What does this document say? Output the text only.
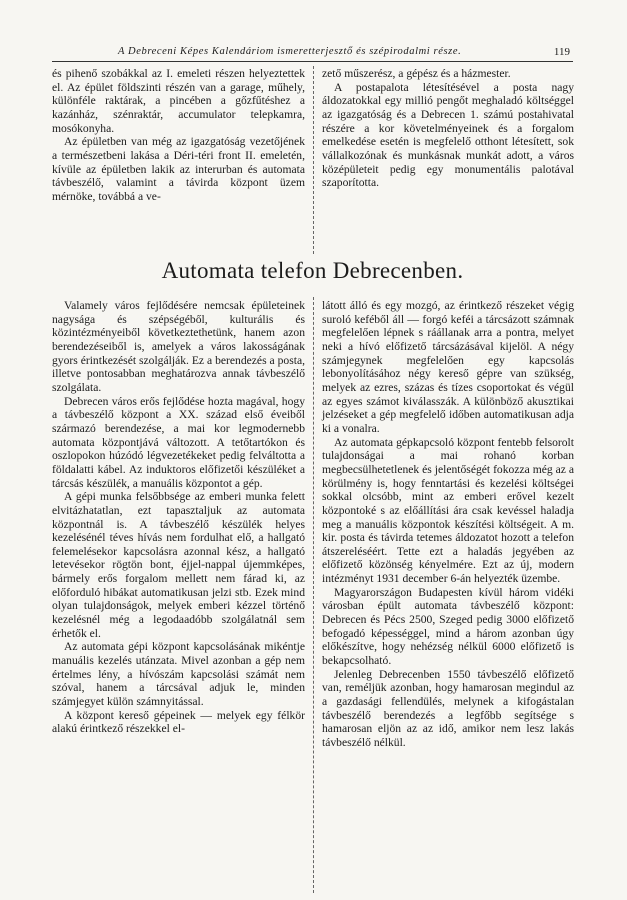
A Debreceni Képes Kalendáriom ismeretterjesztő és szépirodalmi része.	119

és pihenő szobákkal az I. emeleti részen helyeztettek el. Az épület földszinti részén van a garage, műhely, különféle raktárak, a pincében a gőzfűtéshez a kazánház, szénraktár, accumulator telepkamra, mosókonyha.

Az épületben van még az igazgatóság vezetőjének a természetbeni lakása a Déri-téri front II. emeletén, kívüle az épületben lakik az interurban és automata távbeszélő, valamint a távirda központ üzem mérnöke, továbbá a ve-

zető műszerész, a gépész és a házmester.

A postapalota létesítésével a posta nagy áldozatokkal egy millió pengőt meghaladó költséggel az igazgatóság és a Debrecen 1. számú postahivatal részére a kor követelményeinek és a forgalom emelkedése esetén is megfelelő otthont létesített, sok vállalkozónak és munkásnak munkát adott, a város középületeit pedig egy monumentális palotával szaporította.

Automata telefon Debrecenben.

Valamely város fejlődésére nemcsak épületeinek nagysága és szépségéből, kulturális és közintézményeiből következtethetünk, hanem azon berendezéseiből is, amelyek a város lakosságának gyors érintkezését szolgálják. Ez a berendezés a posta, illetve pontosabban meghatározva annak távbeszélő szolgálata.

Debrecen város erős fejlődése hozta magával, hogy a távbeszélő központ a XX. század első éveiből származó berendezése, a mai kor legmodernebb automata központjává változott. A tetőtartókon és oszlopokon húzódó légvezetékeket pedig felváltotta a földalatti kábel. Az induktoros előfizetői készüléket a tárcsás készülék, a manuális központot a gép.

A gépi munka felsőbbsége az emberi munka felett elvitázhatatlan, ezt tapasztaljuk az automata központnál is. A távbeszélő készülék helyes kezelésénél téves hívás nem fordulhat elő, a hallgató felemelésekor kapcsolásra azonnal kész, a hallgató letevésekor rögtön bont, éjjel-nappal újemmképes, bármely erős forgalom mellett nem fárad ki, az előforduló hibákat automatikusan jelzi stb. Ezek mind olyan tulajdonságok, melyek emberi kézzel történő kezelésnél még a legodaadóbb szolgálatnál sem érhetők el.

Az automata gépi központ kapcsolásának mikéntje manuális kezelés utánzata. Mivel azonban a gép nem értelmes lény, a hívószám kapcsolási számát nem szóval, hanem a tárcsával adjuk le, minden számjegyet külön számnyitással.

A központ kereső gépeinek — melyek egy félkör alakú érintkező részekkel el-

látott álló és egy mozgó, az érintkező részeket végig suroló keféből áll — forgó keféi a tárcsázott számnak megfelelően lépnek s ráállanak arra a pontra, melyet neki a hívó előfizető tárcsázásával kijelöl. A négy számjegynek megfelelően egy kapcsolás lebonyolításához négy kereső gépre van szükség, melyek az ezres, százas és tízes csoportokat és végül az egyes számot kiválasszák. A különböző akusztikai jelzéseket a gép megfelelő időben automatikusan adja ki a vonalra.

Az automata gépkapcsoló központ fentebb felsorolt tulajdonságai a mai rohanó korban megbecsülhetetlenek és jelentőségét fokozza még az a körülmény is, hogy fenntartási és kezelési költségei sokkal olcsóbb, mint az emberi erővel kezelt központoké s az előállítási ára csak kevéssel haladja meg a manuális központok készítési költségeit. A m. kir. posta és távirda tetemes áldozatot hozott a telefon átszereléséért. Tette ezt a haladás jegyében az előfizető közönség kényelmére. Ezt az új, modern intézményt 1931 december 6-án helyezték üzembe.

Magyarországon Budapesten kívül három vidéki városban épült automata távbeszélő központ: Debrecen és Pécs 2500, Szeged pedig 3000 előfizető befogadó képességgel, mind a három azonban úgy előkészítve, hogy nehézség nélkül 6000 előfizető is bekapcsolható.

Jelenleg Debrecenben 1550 távbeszélő előfizető van, reméljük azonban, hogy hamarosan megindul az a gazdasági fellendülés, melynek a kifogástalan távbeszélő berendezés a legfőbb segítsége s hamarosan eljön az az idő, amikor nem lesz lakás távbeszélő nélkül.
